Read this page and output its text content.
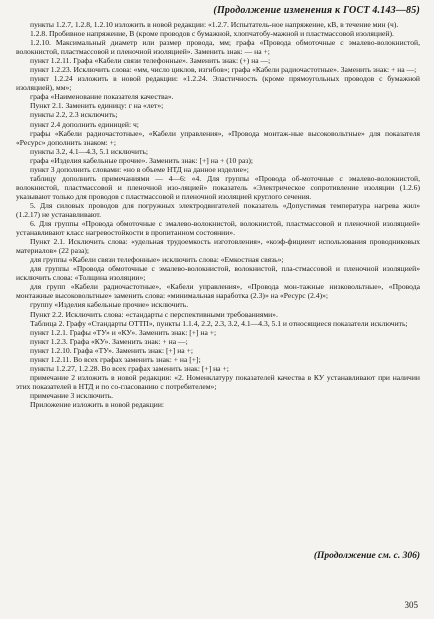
(Продолжение изменения к ГОСТ 4.143—85)

пункты 1.2.7, 1.2.8, 1.2.10 изложить в новой редакции: «1.2.7. Испытатель-ное напряжение, кВ, в течение мин (ч).

1.2.8. Пробивное напряжение, В (кроме проводов с бумажной, хлопчатобу-мажной и пластмассовой изоляцией).

1.2.10. Максимальный диаметр или размер провода, мм; графа «Провода обмоточные с эмалево-волокнистой, волокнистой, пластмассовой и пленочной изоляцией». Заменить знак: — на +;

пункт 1.2.11. Графа «Кабели связи телефонные». Заменить знак: (+) на —;

пункт 1.2.23. Исключить слова: «мм, число циклов, изгибов»; графа «Кабели радиочастотные». Заменить знак: + на —;

пункт 1.2.24 изложить в новой редакции: «1.2.24. Эластичность (кроме прямоугольных проводов с бумажной изоляцией), мм»;

графа «Наименование показателя качества».

Пункт 2.1. Заменить единицу: г на «лет»;

пункты 2.2, 2.3 исключить;

пункт 2.4 дополнить единицей: ч;

графы «Кабели радиочастотные», «Кабели управления», «Провода монтаж-ные высоковольтные» для показателя «Ресурс» дополнить знаком: +;

пункты 3.2, 4.1—4.3, 5.1 исключить;

графа «Изделия кабельные прочие». Заменить знак: [+] на + (10 раз);

пункт 3 дополнить словами: «но в объеме НТД на данное изделие»;

таблицу дополнить примечаниями — 4—6: «4. Для группы «Провода об-моточные с эмалево-волокнистой, волокнистой, пластмассовой и пленочной изо-ляцией» показатель «Электрическое сопротивление изоляции (1.2.6) указывают только для проводов с пластмассовой и пленочной изоляцией круглого сечения.

5. Для силовых проводов для погружных электродвигателей показатель «Допустимая температура нагрева жил» (1.2.17) не устанавливают.

6. Для группы «Провода обмоточные с эмалево-волокнистой, волокнистой, пластмассовой и пленочной изоляцией» устанавливают класс нагревостойкости в пропитанном состоянии».

Пункт 2.1. Исключить слова: «удельная трудоемкость изготовления», «коэф-фициент использования проводниковых материалов» (22 раза);

для группы «Кабели связи телефонные» исключить слова: «Емкостная связь»;

для группы «Провода обмоточные с эмалево-волокнистой, волокнистой, пла-стмассовой и пленочной изоляцией» исключить слова: «Толщина изоляции»;

для групп «Кабели радиочастотные», «Кабели управления», «Провода мон-тажные низковольтные», «Провода монтажные высоковольтные» заменить слова: «минимальная наработка (2.3)» на «Ресурс (2.4)»;

группу «Изделия кабельные прочие» исключить.

Пункт 2.2. Исключить слова: «стандарты с перспективными требованиями».

Таблица 2. Графу «Стандарты ОТТП», пункты 1.1.4, 2.2, 2.3, 3.2, 4.1—4.3, 5.1 и относящиеся показатели исключить;

пункт 1.2.1. Графы «ТУ» и «КУ». Заменить знак: [+] на +;

пункт 1.2.3. Графа «КУ». Заменить знак: + на —;

пункт 1.2.10. Графа «ТУ». Заменить знак: [+] на +;

пункт 1.2.11. Во всех графах заменить знак: + на [+];

пункты 1.2.27, 1.2.28. Во всех графах заменить знак: [+] на +;

примечание 2 изложить в новой редакции: «2. Номенклатуру показателей качества в КУ устанавливают при наличии этих показателей в НТД и по со-гласованию с потребителем»;

примечание 3 исключить.

Приложение изложить в новой редакции:

(Продолжение см. с. 306)
305
